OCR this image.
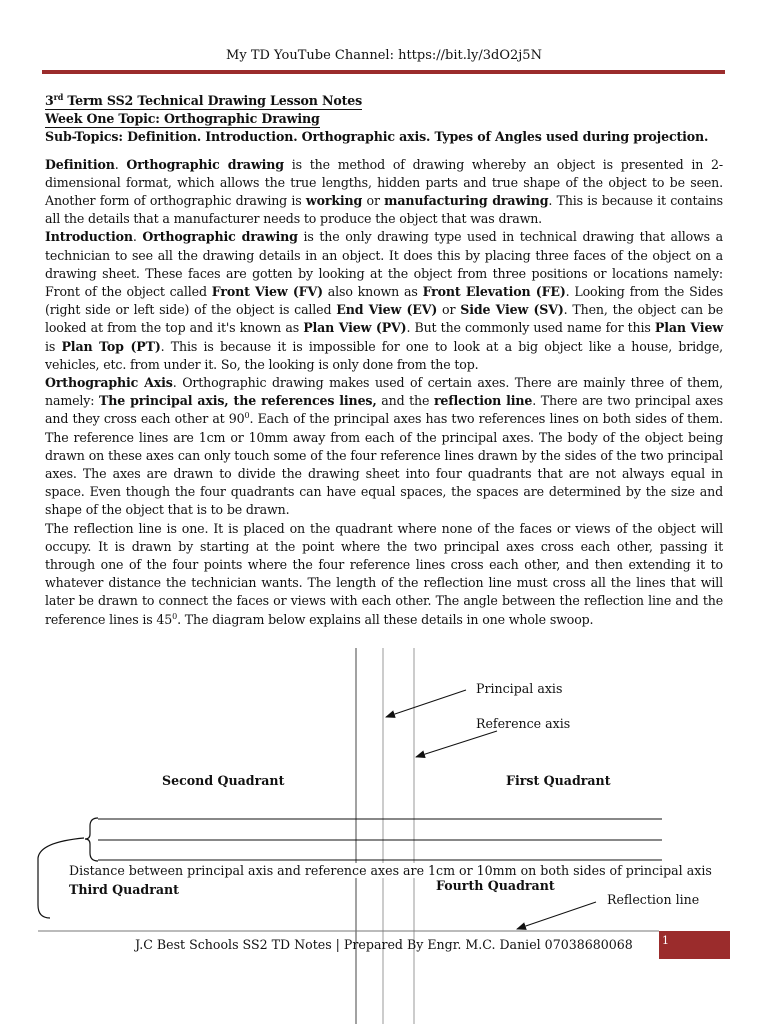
My TD YouTube Channel: https://bit.ly/3dO2j5N
3rd Term SS2 Technical Drawing Lesson Notes
Week One Topic: Orthographic Drawing

Sub-Topics: Definition. Introduction. Orthographic axis. Types of Angles used during projection.

Definition. Orthographic drawing is the method of drawing whereby an object is presented in 2-dimensional format, which allows the true lengths, hidden parts and true shape of the object to be seen. Another form of orthographic drawing is working or manufacturing drawing. This is because it contains all the details that a manufacturer needs to produce the object that was drawn.

Introduction. Orthographic drawing is the only drawing type used in technical drawing that allows a technician to see all the drawing details in an object. It does this by placing three faces of the object on a drawing sheet. These faces are gotten by looking at the object from three positions or locations namely: Front of the object called Front View (FV) also known as Front Elevation (FE). Looking from the Sides (right side or left side) of the object is called End View (EV) or Side View (SV). Then, the object can be looked at from the top and it's known as Plan View (PV). But the commonly used name for this Plan View is Plan Top (PT). This is because it is impossible for one to look at a big object like a house, bridge, vehicles, etc. from under it. So, the looking is only done from the top.

Orthographic Axis. Orthographic drawing makes used of certain axes. There are mainly three of them, namely: The principal axis, the references lines, and the reflection line. There are two principal axes and they cross each other at $90^0$. Each of the principal axes has two references lines on both sides of them. The reference lines are 1cm or 10mm away from each of the principal axes. The body of the object being drawn on these axes can only touch some of the four reference lines drawn by the sides of the two principal axes. The axes are drawn to divide the drawing sheet into four quadrants that are not always equal in space. Even though the four quadrants can have equal spaces, the spaces are determined by the size and shape of the object that is to be drawn.

The reflection line is one. It is placed on the quadrant where none of the faces or views of the object will occupy. It is drawn by starting at the point where the two principal axes cross each other, passing it through one of the four points where the four reference lines cross each other, and then extending it to whatever distance the technician wants. The length of the reflection line must cross all the lines that will later be drawn to connect the faces or views with each other. The angle between the reflection line and the reference lines is $45^0$. The diagram below explains all these details in one whole swoop.

Principal axis
Reference axis
Second Quadrant	First Quadrant
Distance between principal axis and reference axes are 1cm or 10mm on both sides of principal axis
Third Quadrant	Fourth Quadrant
Reflection line
J.C Best Schools SS2 TD Notes | Prepared By Engr. M.C. Daniel 07038680068	1
